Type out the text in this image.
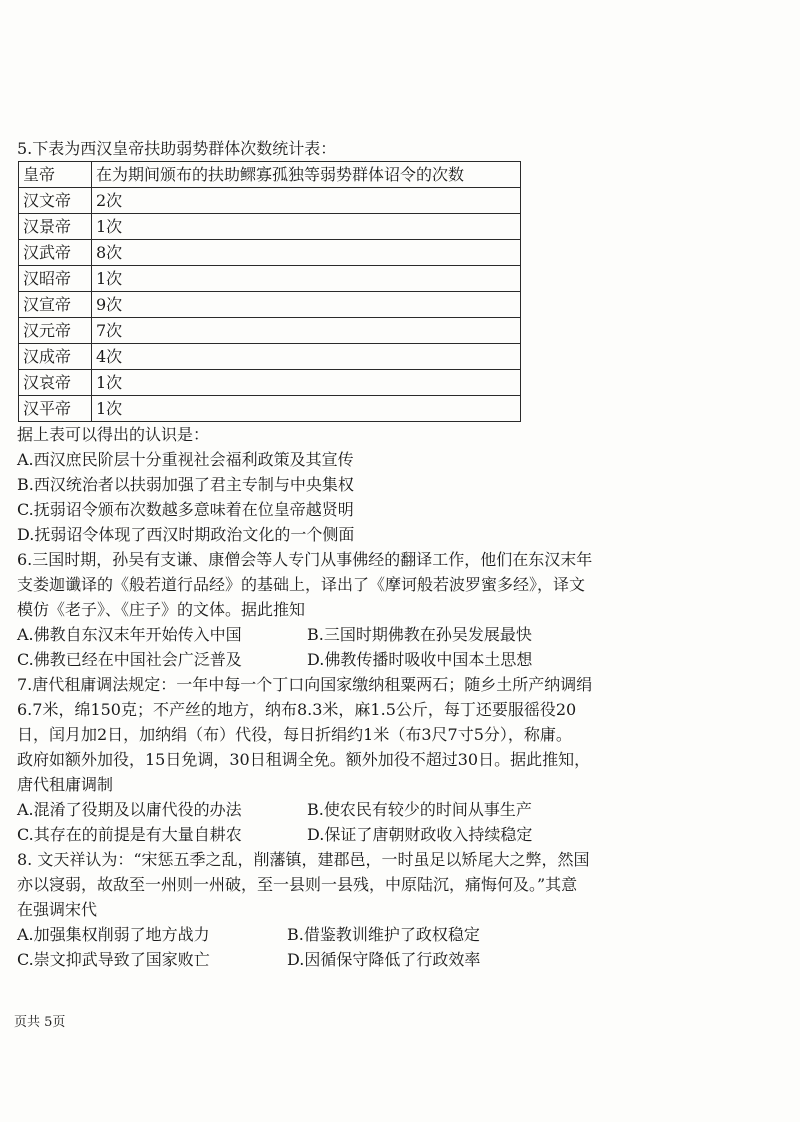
5.下表为西汉皇帝扶助弱势群体次数统计表：
皇帝	在为期间颁布的扶助鳏寡孤独等弱势群体诏令的次数
汉文帝	2次
汉景帝	1次
汉武帝	8次
汉昭帝	1次
汉宣帝	9次
汉元帝	7次
汉成帝	4次
汉哀帝	1次
汉平帝	1次
据上表可以得出的认识是：
A.西汉庶民阶层十分重视社会福利政策及其宣传
B.西汉统治者以扶弱加强了君主专制与中央集权
C.抚弱诏令颁布次数越多意味着在位皇帝越贤明
D.抚弱诏令体现了西汉时期政治文化的一个侧面
6.三国时期，孙吴有支谦、康僧会等人专门从事佛经的翻译工作，他们在东汉末年
支娄迦谶译的《般若道行品经》的基础上，译出了《摩诃般若波罗蜜多经》，译文
模仿《老子》、《庄子》的文体。据此推知
A.佛教自东汉末年开始传入中国	B.三国时期佛教在孙吴发展最快
C.佛教已经在中国社会广泛普及	D.佛教传播时吸收中国本土思想
7.唐代租庸调法规定：一年中每一个丁口向国家缴纳租粟两石；随乡土所产纳调绢
6.7米，绵150克；不产丝的地方，纳布8.3米，麻1.5公斤，每丁还要服徭役20
日，闰月加2日，加纳绢（布）代役，每日折绢约1米（布3尺7寸5分），称庸。
政府如额外加役，15日免调，30日租调全免。额外加役不超过30日。据此推知，
唐代租庸调制
A.混淆了役期及以庸代役的办法	B.使农民有较少的时间从事生产
C.其存在的前提是有大量自耕农	D.保证了唐朝财政收入持续稳定
8. 文天祥认为：“宋惩五季之乱，削藩镇，建郡邑，一时虽足以矫尾大之弊，然国
亦以寖弱，故敌至一州则一州破，至一县则一县残，中原陆沉，痛悔何及。”其意
在强调宋代
A.加强集权削弱了地方战力	B.借鉴教训维护了政权稳定
C.崇文抑武导致了国家败亡	D.因循保守降低了行政效率
页共 5页
